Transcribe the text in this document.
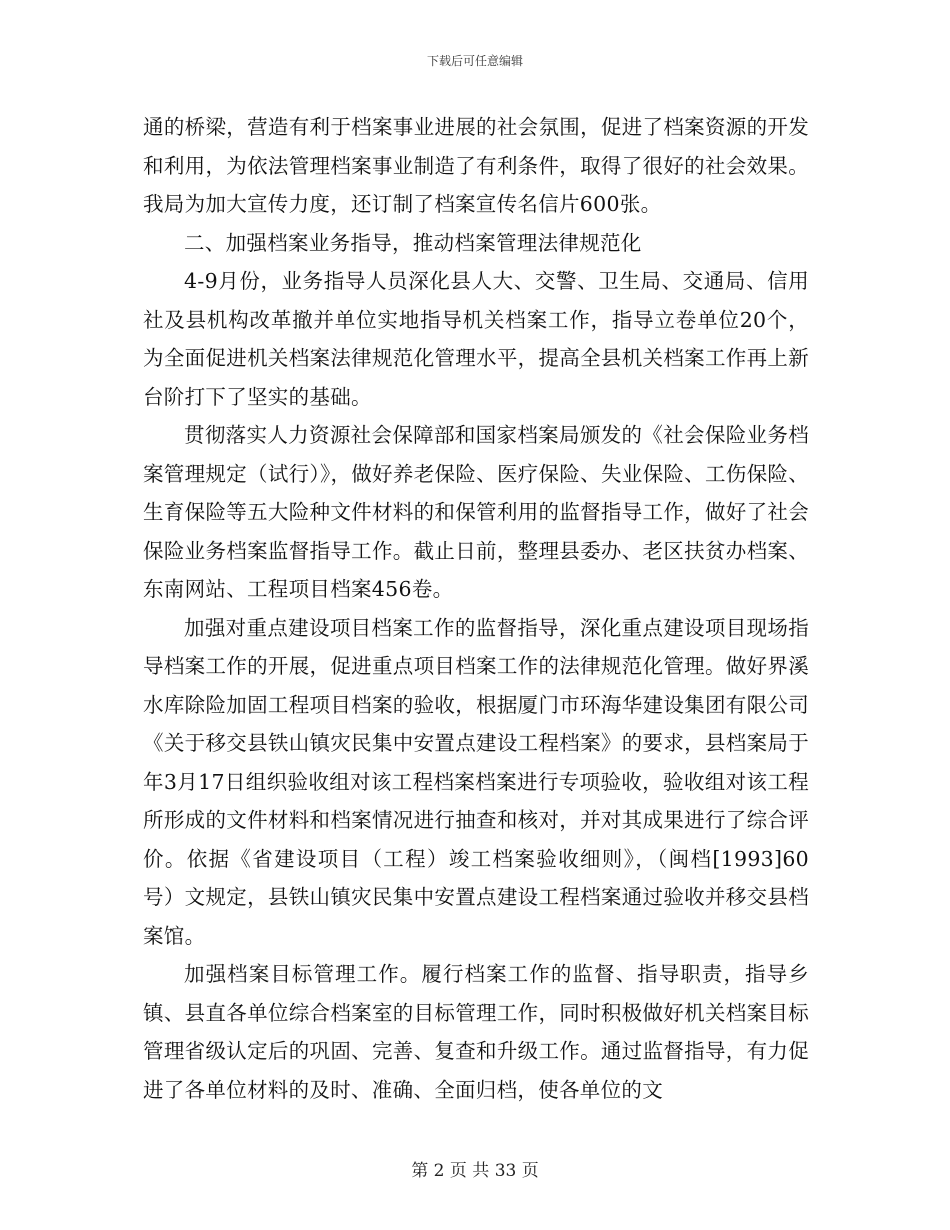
下载后可任意编辑

通的桥梁，营造有利于档案事业进展的社会氛围，促进了档案资源的开发和利用，为依法管理档案事业制造了有利条件，取得了很好的社会效果。我局为加大宣传力度，还订制了档案宣传名信片600张。

二、加强档案业务指导，推动档案管理法律规范化

4-9月份，业务指导人员深化县人大、交警、卫生局、交通局、信用社及县机构改革撤并单位实地指导机关档案工作，指导立卷单位20个，为全面促进机关档案法律规范化管理水平，提高全县机关档案工作再上新台阶打下了坚实的基础。

贯彻落实人力资源社会保障部和国家档案局颁发的《社会保险业务档案管理规定（试行）》，做好养老保险、医疗保险、失业保险、工伤保险、生育保险等五大险种文件材料的和保管利用的监督指导工作，做好了社会保险业务档案监督指导工作。截止日前，整理县委办、老区扶贫办档案、东南网站、工程项目档案456卷。

加强对重点建设项目档案工作的监督指导，深化重点建设项目现场指导档案工作的开展，促进重点项目档案工作的法律规范化管理。做好界溪水库除险加固工程项目档案的验收，根据厦门市环海华建设集团有限公司《关于移交县铁山镇灾民集中安置点建设工程档案》的要求，县档案局于年3月17日组织验收组对该工程档案档案进行专项验收，验收组对该工程所形成的文件材料和档案情况进行抽查和核对，并对其成果进行了综合评价。依据《省建设项目（工程）竣工档案验收细则》，（闽档[1993]60号）文规定，县铁山镇灾民集中安置点建设工程档案通过验收并移交县档案馆。

加强档案目标管理工作。履行档案工作的监督、指导职责，指导乡镇、县直各单位综合档案室的目标管理工作，同时积极做好机关档案目标管理省级认定后的巩固、完善、复查和升级工作。通过监督指导，有力促进了各单位材料的及时、准确、全面归档，使各单位的文

第 2 页 共 33 页
